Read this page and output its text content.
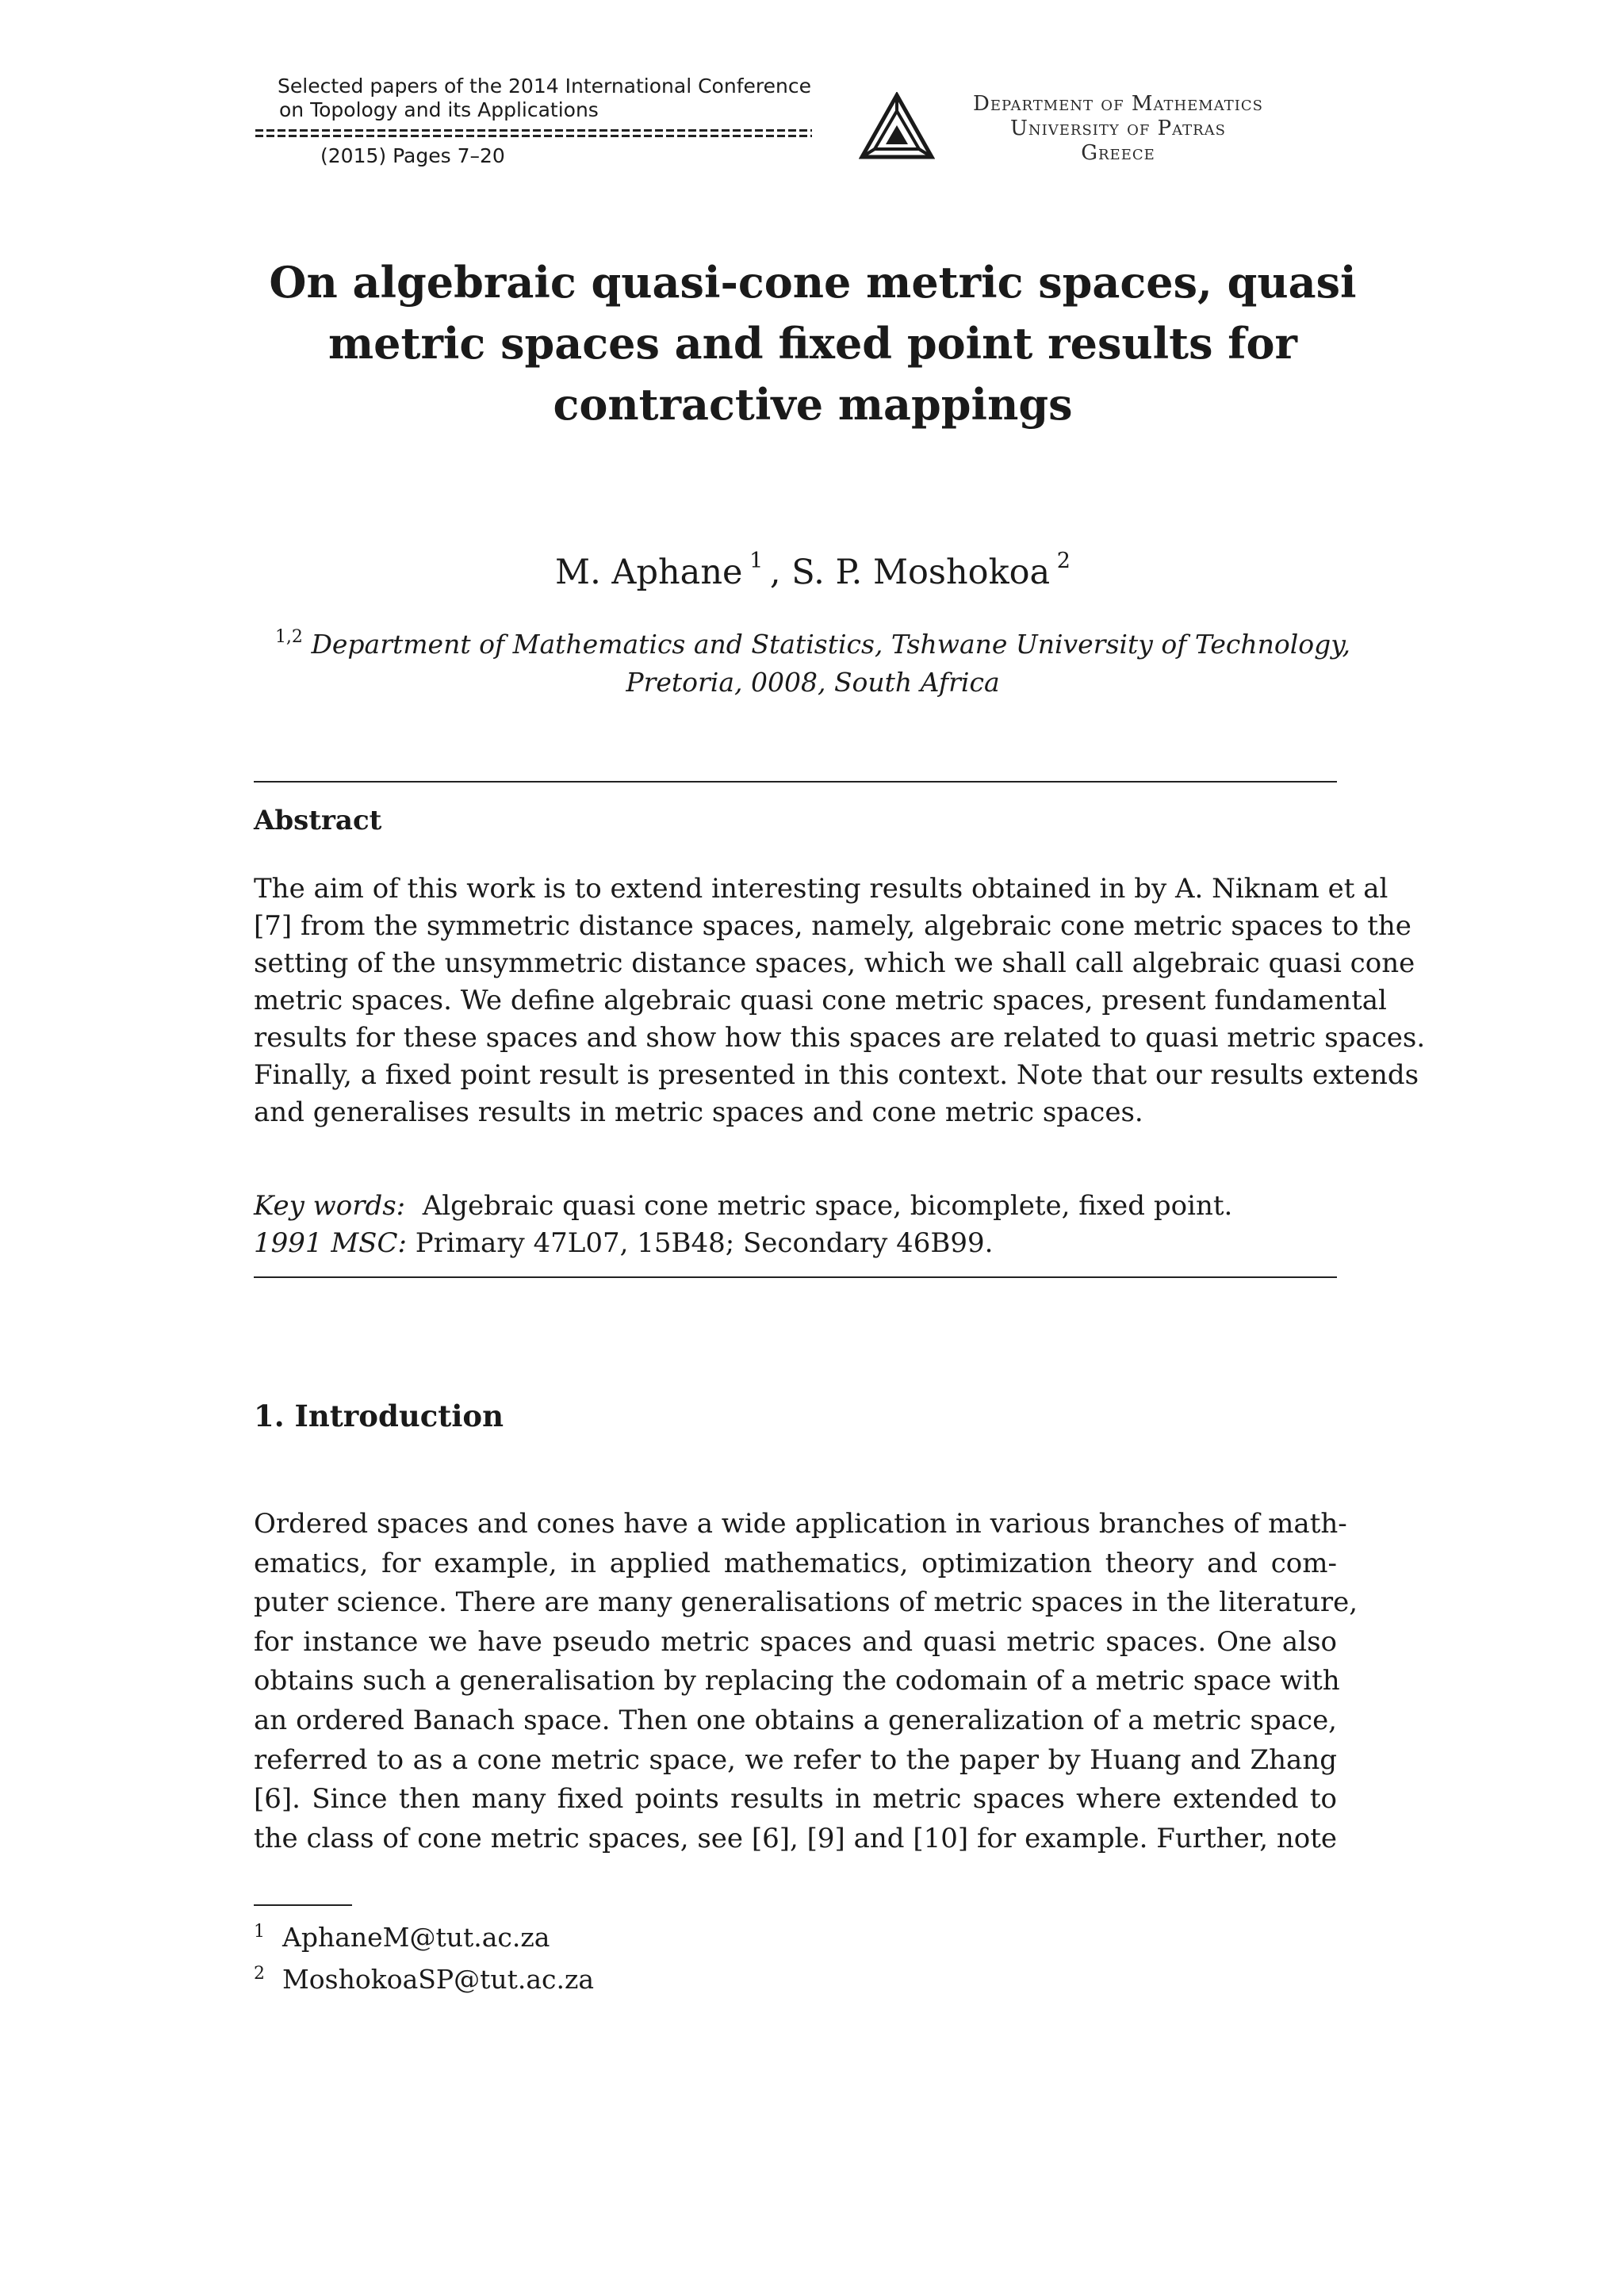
Selected papers of the 2014 International Conference
on Topology and its Applications
(2015) Pages 7–20
Department of Mathematics
University of Patras
Greece
On algebraic quasi-cone metric spaces, quasi
metric spaces and fixed point results for
contractive mappings
M. Aphane  $^1$  , S. P. Moshokoa  $^2$
$^{1,2}$ Department of Mathematics and Statistics, Tshwane University of Technology,
Pretoria, 0008, South Africa
Abstract
The aim of this work is to extend interesting results obtained in by A. Niknam et al
[7] from the symmetric distance spaces, namely, algebraic cone metric spaces to the
setting of the unsymmetric distance spaces, which we shall call algebraic quasi cone
metric spaces. We define algebraic quasi cone metric spaces, present fundamental
results for these spaces and show how this spaces are related to quasi metric spaces.
Finally, a fixed point result is presented in this context. Note that our results extends
and generalises results in metric spaces and cone metric spaces.
Key words: Algebraic quasi cone metric space, bicomplete, fixed point.
1991 MSC: Primary 47L07, 15B48; Secondary 46B99.
1. Introduction
Ordered spaces and cones have a wide application in various branches of math-
ematics, for example, in applied mathematics, optimization theory and com-
puter science. There are many generalisations of metric spaces in the literature,
for instance we have pseudo metric spaces and quasi metric spaces. One also
obtains such a generalisation by replacing the codomain of a metric space with
an ordered Banach space. Then one obtains a generalization of a metric space,
referred to as a cone metric space, we refer to the paper by Huang and Zhang
[6]. Since then many fixed points results in metric spaces where extended to
the class of cone metric spaces, see [6], [9] and [10] for example. Further, note
$^1$ AphaneM@tut.ac.za
$^2$ MoshokoaSP@tut.ac.za
